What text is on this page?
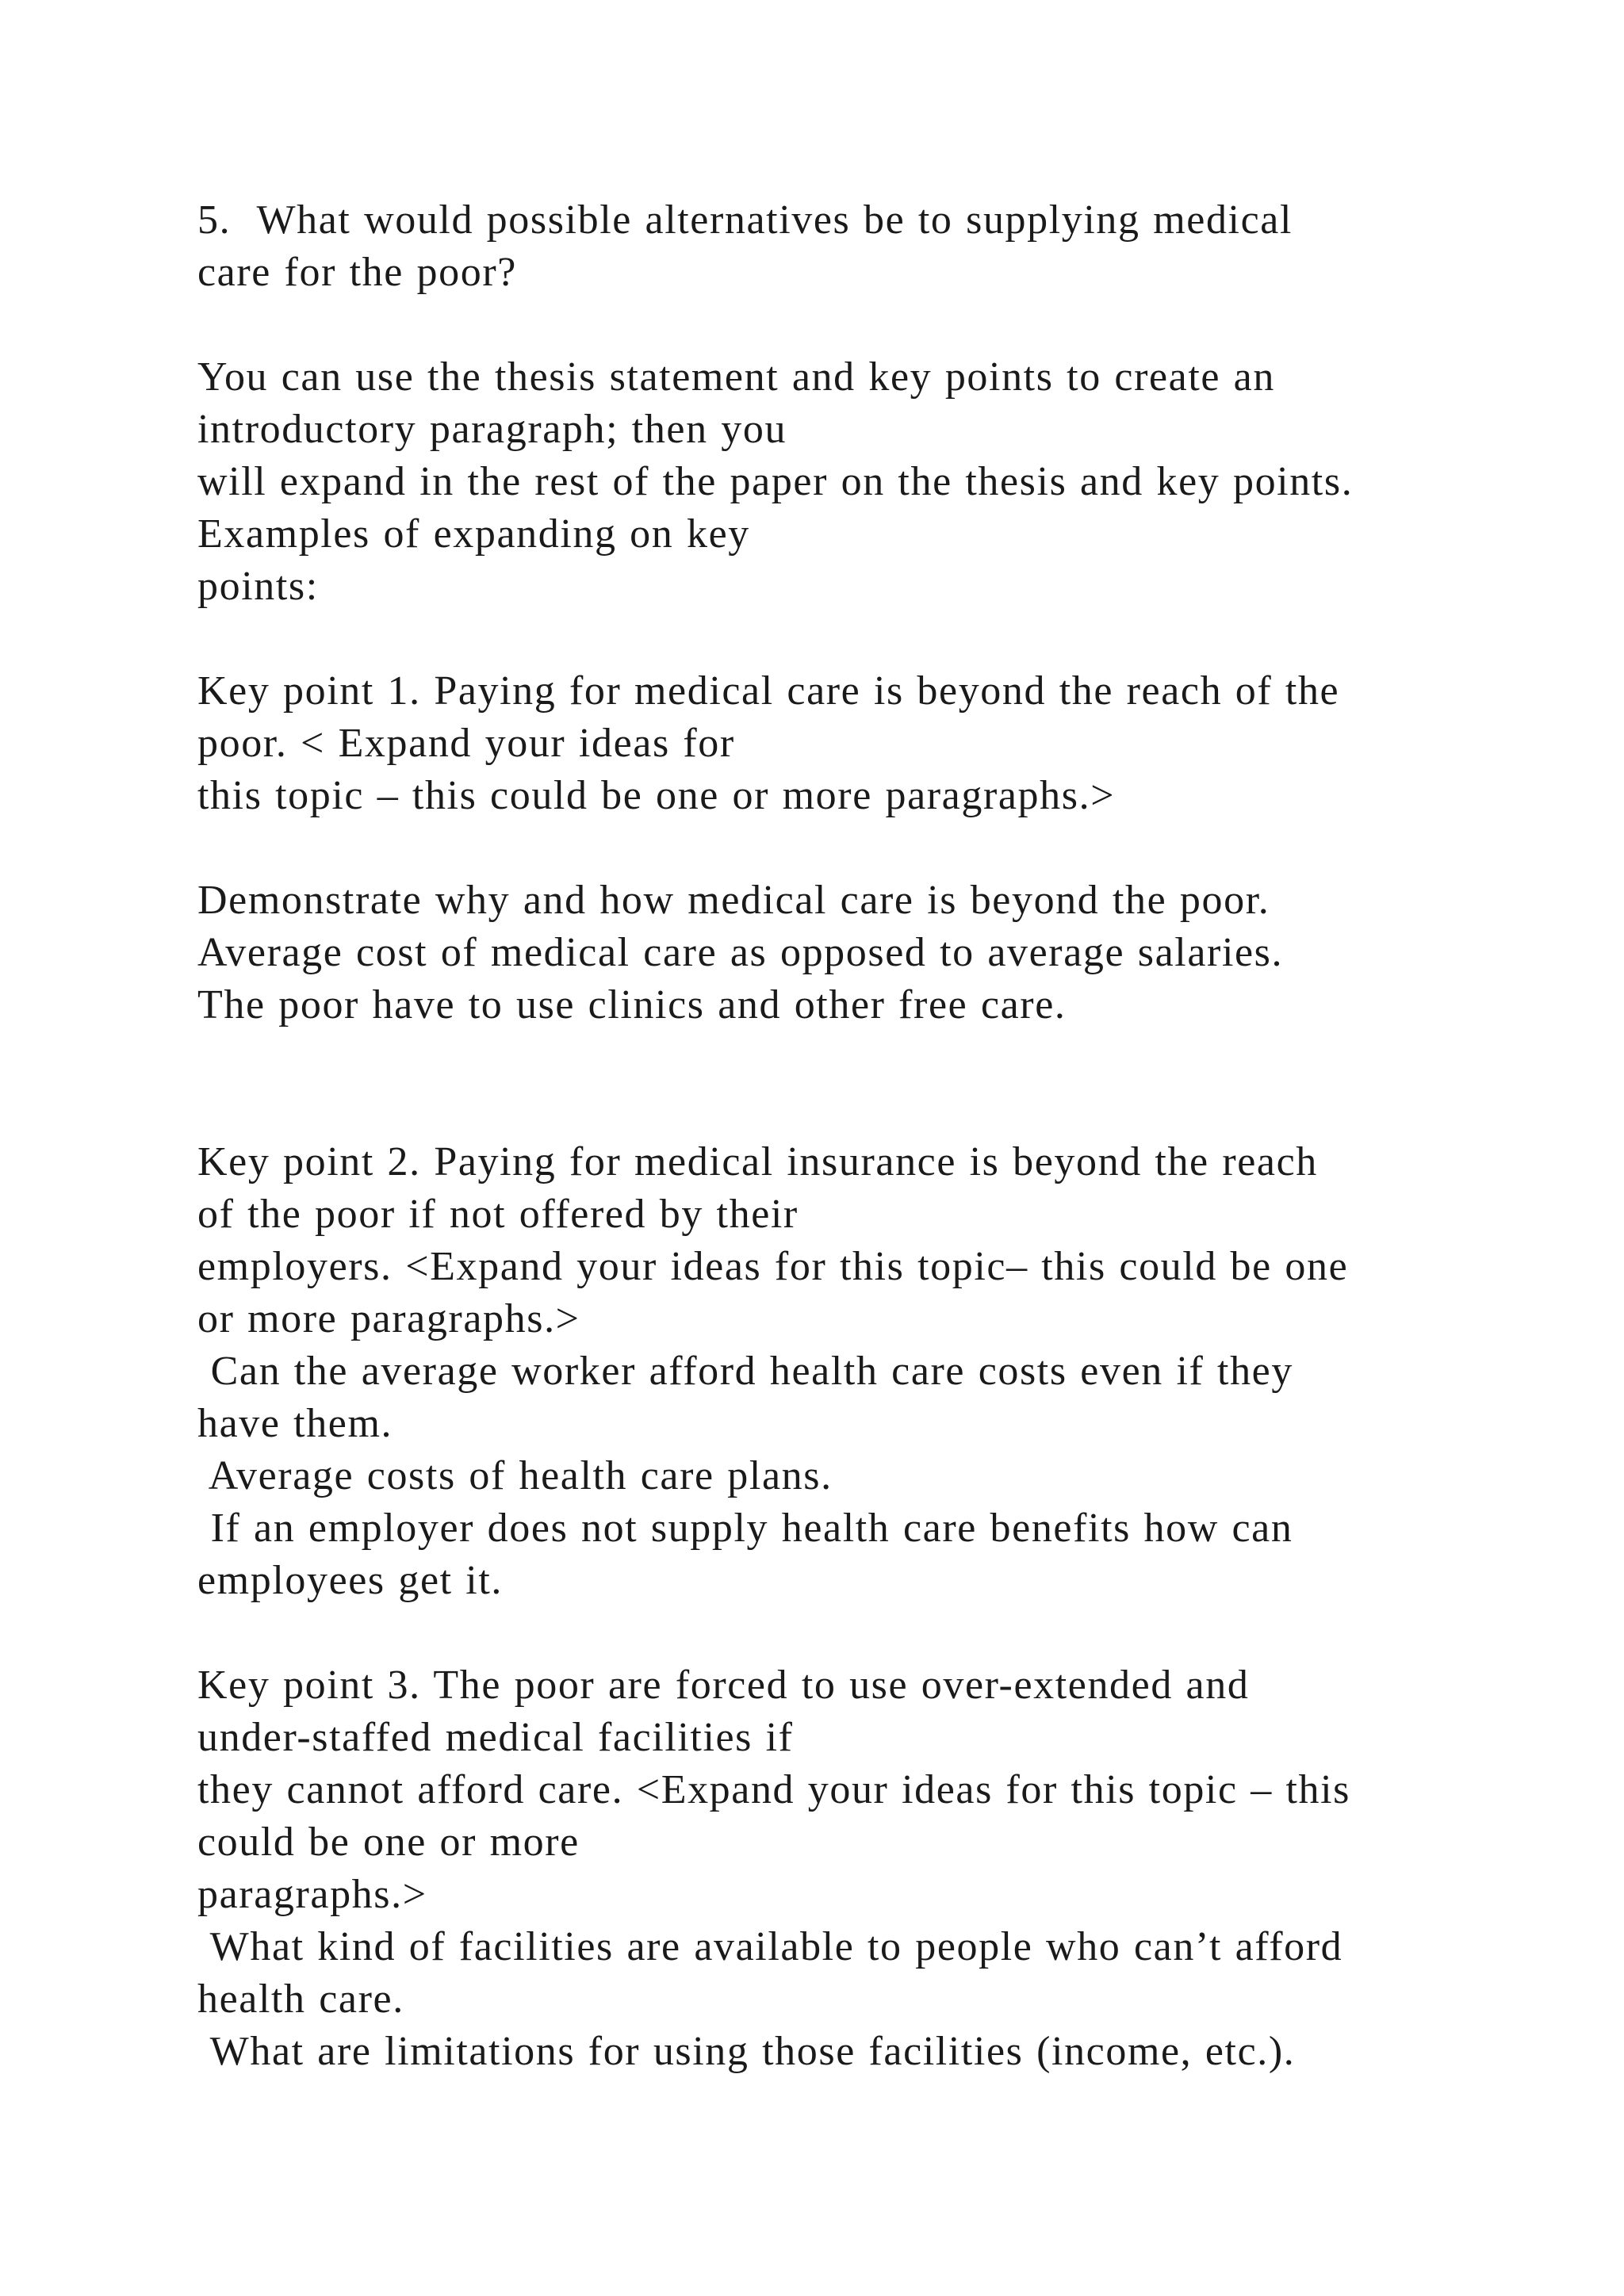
5.  What would possible alternatives be to supplying medical
care for the poor?
You can use the thesis statement and key points to create an
introductory paragraph; then you
will expand in the rest of the paper on the thesis and key points.
Examples of expanding on key
points:
Key point 1. Paying for medical care is beyond the reach of the
poor. < Expand your ideas for
this topic – this could be one or more paragraphs.>
Demonstrate why and how medical care is beyond the poor.
Average cost of medical care as opposed to average salaries.
The poor have to use clinics and other free care.
Key point 2. Paying for medical insurance is beyond the reach
of the poor if not offered by their
employers. <Expand your ideas for this topic– this could be one
or more paragraphs.>
Can the average worker afford health care costs even if they
have them.
Average costs of health care plans.
If an employer does not supply health care benefits how can
employees get it.
Key point 3. The poor are forced to use over-extended and
under-staffed medical facilities if
they cannot afford care. <Expand your ideas for this topic – this
could be one or more
paragraphs.>
What kind of facilities are available to people who can’t afford
health care.
What are limitations for using those facilities (income, etc.).
